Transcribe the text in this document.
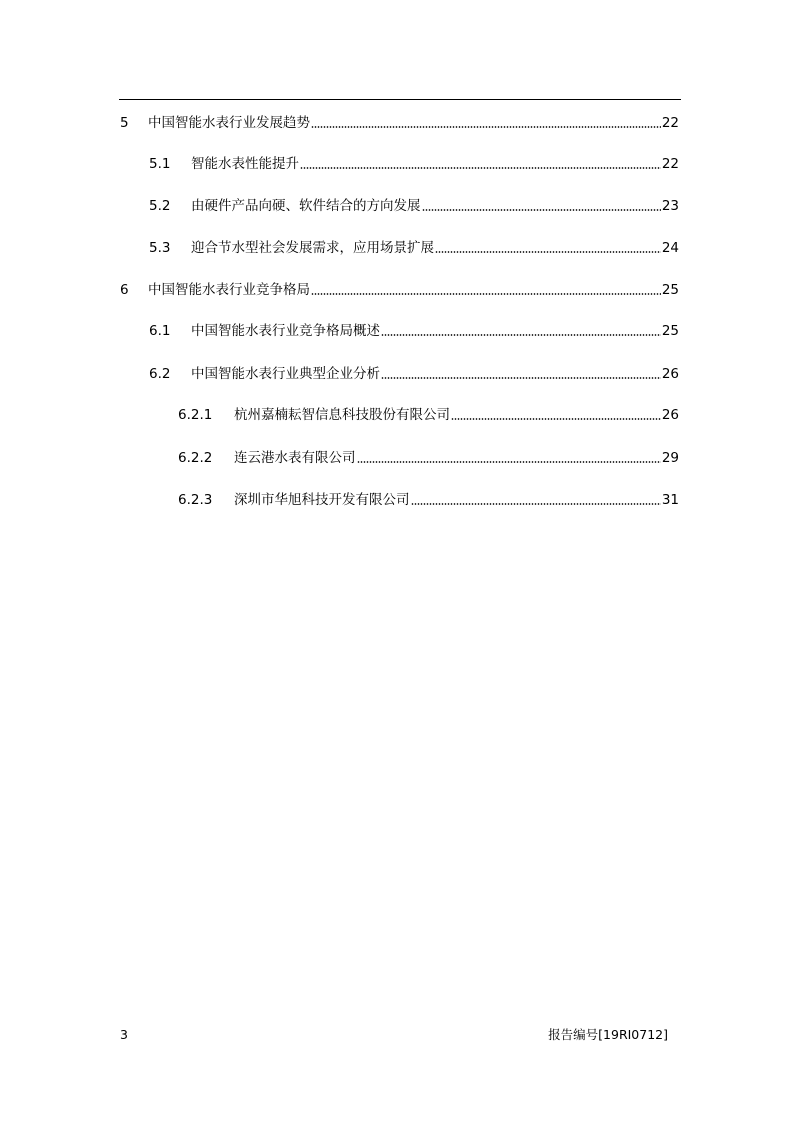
5	中国智能水表行业发展趋势	22
5.1	智能水表性能提升	22
5.2	由硬件产品向硬、软件结合的方向发展	23
5.3	迎合节水型社会发展需求，应用场景扩展	24
6	中国智能水表行业竞争格局	25
6.1	中国智能水表行业竞争格局概述	25
6.2	中国智能水表行业典型企业分析	26
6.2.1	杭州嘉楠耘智信息科技股份有限公司	26
6.2.2	连云港水表有限公司	29
6.2.3	深圳市华旭科技开发有限公司	31
3	报告编号[19RI0712]
